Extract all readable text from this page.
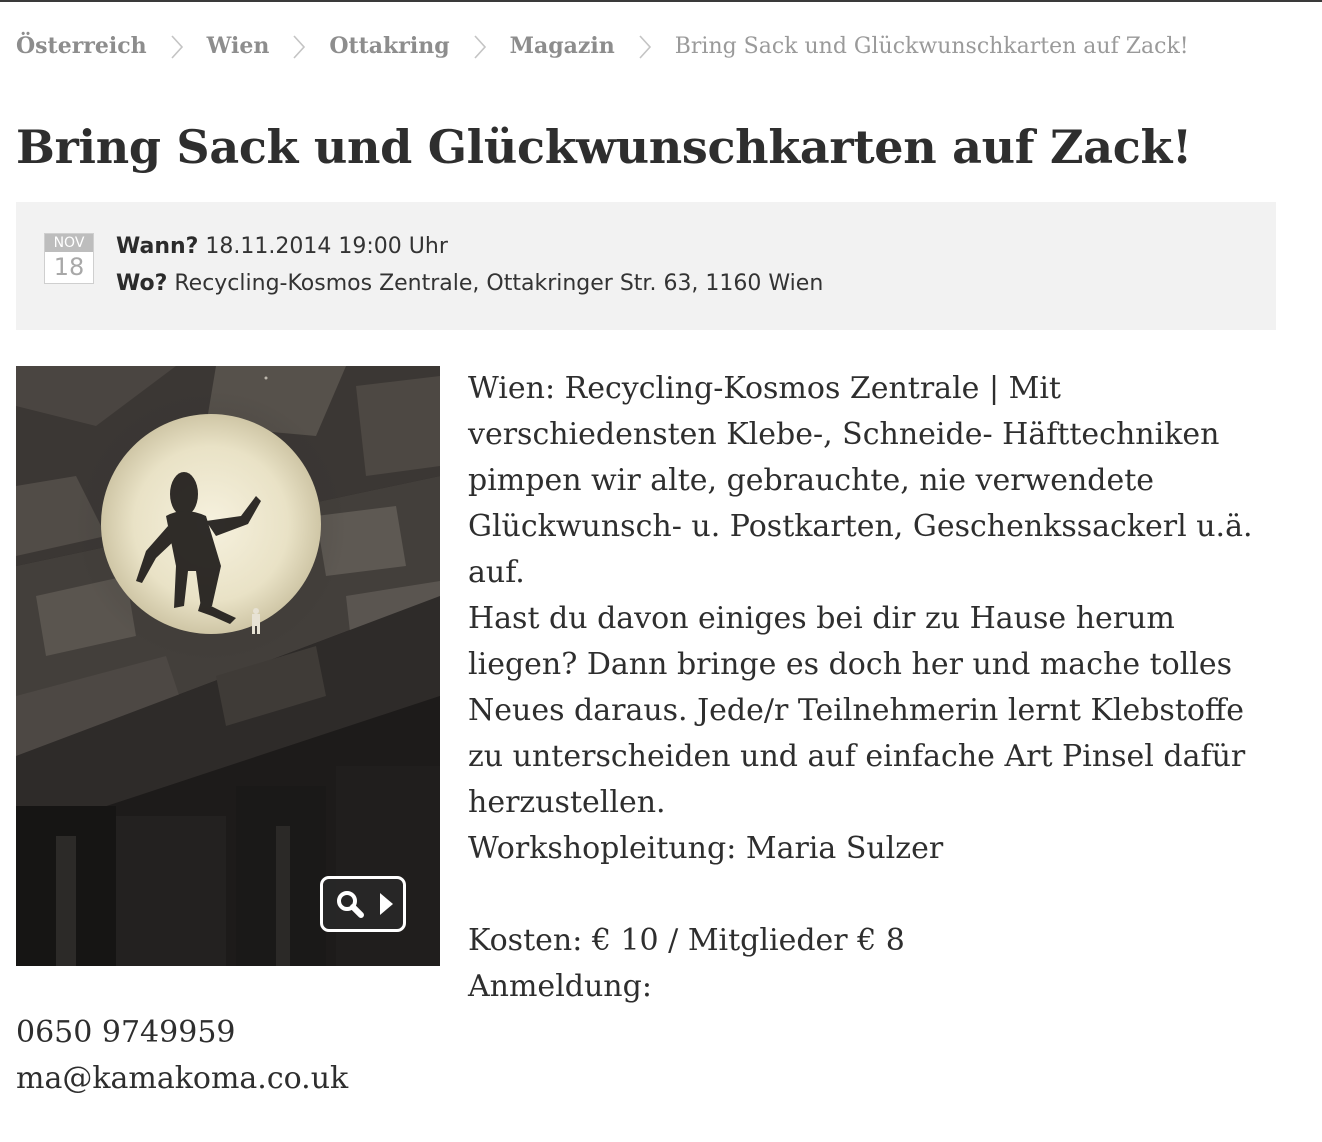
Österreich	Wien	Ottakring	Magazin	Bring Sack und Glückwunschkarten auf Zack!
Bring Sack und Glückwunschkarten auf Zack!
NOV
18
Wann? 18.11.2014 19:00 Uhr
Wo? Recycling-Kosmos Zentrale, Ottakringer Str. 63, 1160 Wien

Wien: Recycling-Kosmos Zentrale | Mit

verschiedensten Klebe-, Schneide- Häfttechniken

pimpen wir alte, gebrauchte, nie verwendete

Glückwunsch- u. Postkarten, Geschenkssackerl u.ä.

auf.

Hast du davon einiges bei dir zu Hause herum

liegen? Dann bringe es doch her und mache tolles

Neues daraus. Jede/r Teilnehmerin lernt Klebstoffe

zu unterscheiden und auf einfache Art Pinsel dafür

herzustellen.

Workshopleitung: Maria Sulzer

Kosten: € 10 / Mitglieder € 8

Anmeldung:

0650 9749959

ma@kamakoma.co.uk
